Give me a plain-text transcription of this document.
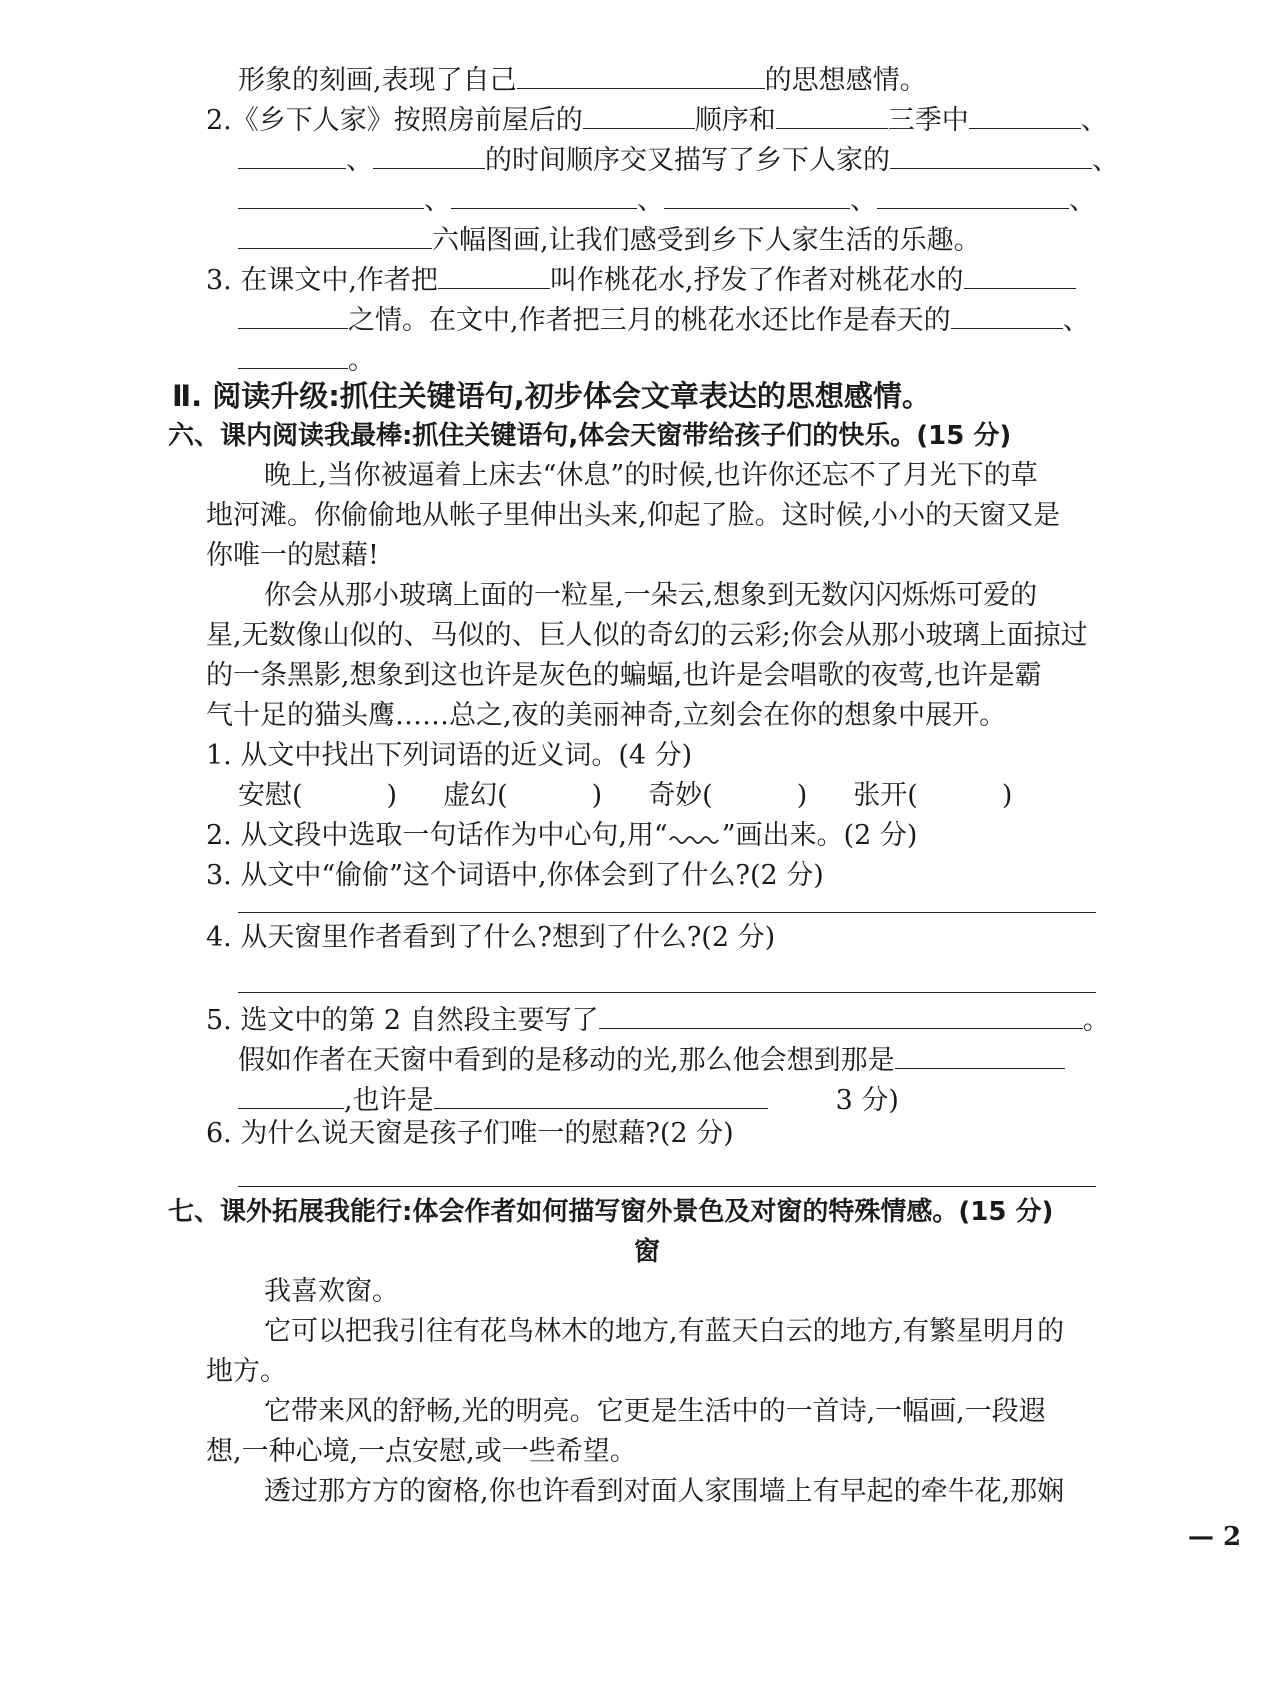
形象的刻画,表现了自己	的思想感情。
2.《乡下人家》按照房前屋后的	顺序和	三季中	、
、	的时间顺序交叉描写了乡下人家的	、
、	、	、	、
六幅图画,让我们感受到乡下人家生活的乐趣。
3. 在课文中,作者把	叫作桃花水,抒发了作者对桃花水的
之情。在文中,作者把三月的桃花水还比作是春天的	、
。
Ⅱ. 阅读升级:抓住关键语句,初步体会文章表达的思想感情。
六、课内阅读我最棒:抓住关键语句,体会天窗带给孩子们的快乐。(15 分)
晚上,当你被逼着上床去“休息”的时候,也许你还忘不了月光下的草
地河滩。你偷偷地从帐子里伸出头来,仰起了脸。这时候,小小的天窗又是
你唯一的慰藉!
你会从那小玻璃上面的一粒星,一朵云,想象到无数闪闪烁烁可爱的
星,无数像山似的、马似的、巨人似的奇幻的云彩;你会从那小玻璃上面掠过
的一条黑影,想象到这也许是灰色的蝙蝠,也许是会唱歌的夜莺,也许是霸
气十足的猫头鹰……总之,夜的美丽神奇,立刻会在你的想象中展开。
1. 从文中找出下列词语的近义词。(4 分)
安慰(	) 虚幻(	) 奇妙(	) 张开(	)
2. 从文段中选取一句话作为中心句,用“ ”画出来。(2 分)
3. 从文中“偷偷”这个词语中,你体会到了什么?(2 分)
4. 从天窗里作者看到了什么?想到了什么?(2 分)
5. 选文中的第 2 自然段主要写了	。
假如作者在天窗中看到的是移动的光,那么他会想到那是
,也许是	3 分)
6. 为什么说天窗是孩子们唯一的慰藉?(2 分)
七、课外拓展我能行:体会作者如何描写窗外景色及对窗的特殊情感。(15 分)
窗
我喜欢窗。
它可以把我引往有花鸟林木的地方,有蓝天白云的地方,有繁星明月的
地方。
它带来风的舒畅,光的明亮。它更是生活中的一首诗,一幅画,一段遐
想,一种心境,一点安慰,或一些希望。
透过那方方的窗格,你也许看到对面人家围墙上有早起的牵牛花,那娴
— 2
